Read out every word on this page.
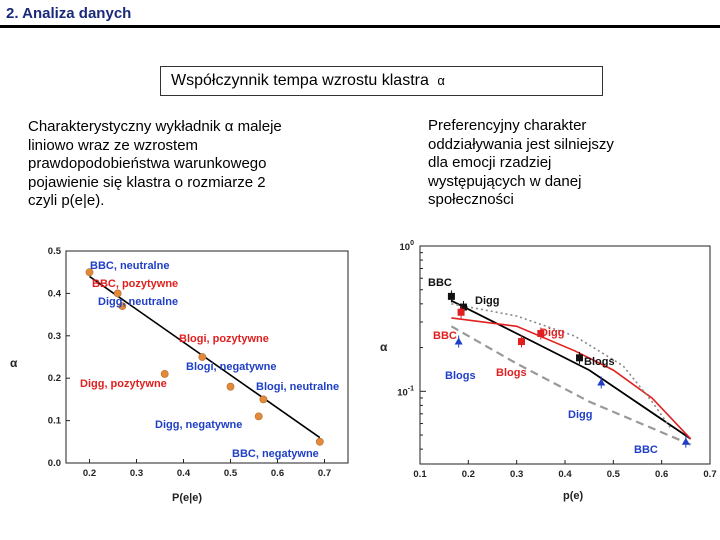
2. Analiza danych
Współczynnik tempa wzrostu klastra α
Charakterystyczny wykładnik α maleje
liniowo wraz ze wzrostem
prawdopodobieństwa warunkowego
pojawienie się klastra o rozmiarze 2
czyli p(e|e).
Preferencyjny charakter
oddziaływania jest silniejszy
dla emocji rzadziej
występujących w danej
społeczności
0.2	0.3	0.4	0.5	0.6	0.7
0.0
0.1
0.2
0.3
0.4
0.5
BBC, neutralne
BBC, pozytywne
Digg, neutralne
Blogi, pozytywne
Blogi, negatywne
Digg, pozytywne	Blogi, neutralne
Digg, negatywne
BBC, negatywne
P(e|e)
α
0.1	0.2	0.3	0.4	0.5	0.6	0.7
$10^0$
$10^{-1}$
BBC
Digg
Digg
BBC
Blogs
Blogs Blogs
Digg
BBC
p(e)
α
